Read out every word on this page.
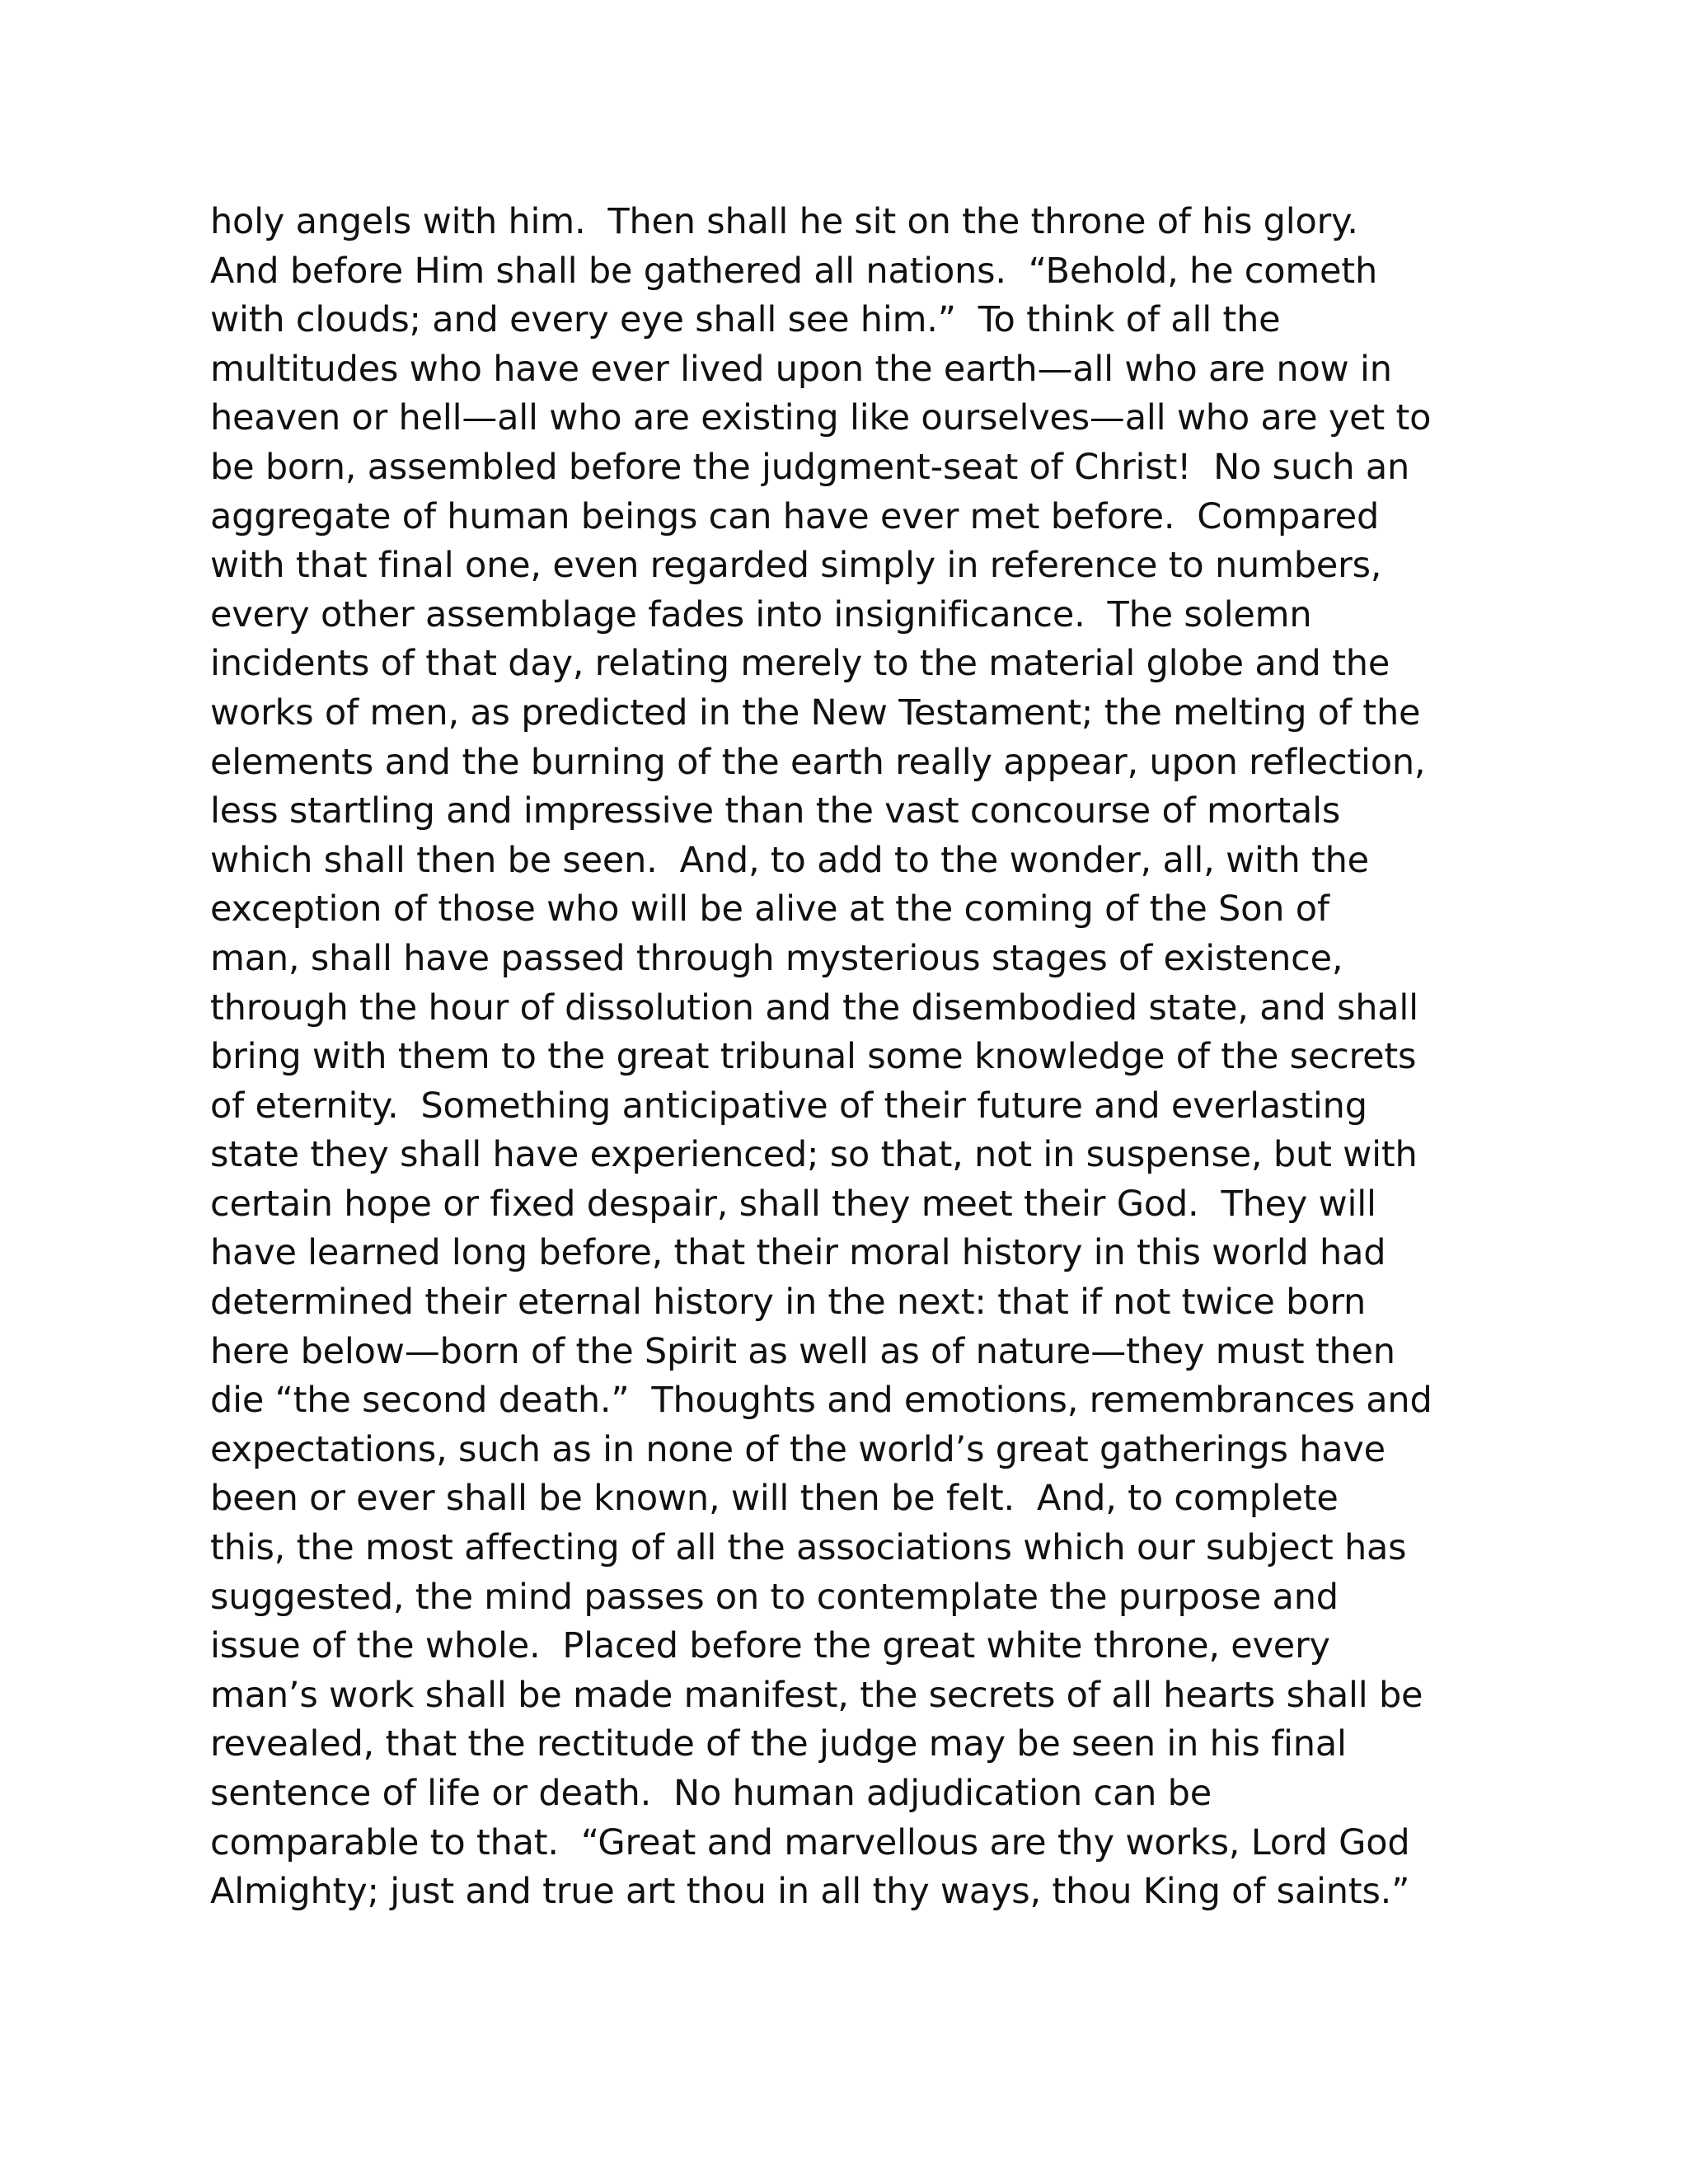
holy angels with him.  Then shall he sit on the throne of his glory.
And before Him shall be gathered all nations.  “Behold, he cometh
with clouds; and every eye shall see him.”  To think of all the
multitudes who have ever lived upon the earth—all who are now in
heaven or hell—all who are existing like ourselves—all who are yet to
be born, assembled before the judgment-seat of Christ!  No such an
aggregate of human beings can have ever met before.  Compared
with that final one, even regarded simply in reference to numbers,
every other assemblage fades into insignificance.  The solemn
incidents of that day, relating merely to the material globe and the
works of men, as predicted in the New Testament; the melting of the
elements and the burning of the earth really appear, upon reflection,
less startling and impressive than the vast concourse of mortals
which shall then be seen.  And, to add to the wonder, all, with the
exception of those who will be alive at the coming of the Son of
man, shall have passed through mysterious stages of existence,
through the hour of dissolution and the disembodied state, and shall
bring with them to the great tribunal some knowledge of the secrets
of eternity.  Something anticipative of their future and everlasting
state they shall have experienced; so that, not in suspense, but with
certain hope or fixed despair, shall they meet their God.  They will
have learned long before, that their moral history in this world had
determined their eternal history in the next: that if not twice born
here below—born of the Spirit as well as of nature—they must then
die “the second death.”  Thoughts and emotions, remembrances and
expectations, such as in none of the world’s great gatherings have
been or ever shall be known, will then be felt.  And, to complete
this, the most affecting of all the associations which our subject has
suggested, the mind passes on to contemplate the purpose and
issue of the whole.  Placed before the great white throne, every
man’s work shall be made manifest, the secrets of all hearts shall be
revealed, that the rectitude of the judge may be seen in his final
sentence of life or death.  No human adjudication can be
comparable to that.  “Great and marvellous are thy works, Lord God
Almighty; just and true art thou in all thy ways, thou King of saints.”
